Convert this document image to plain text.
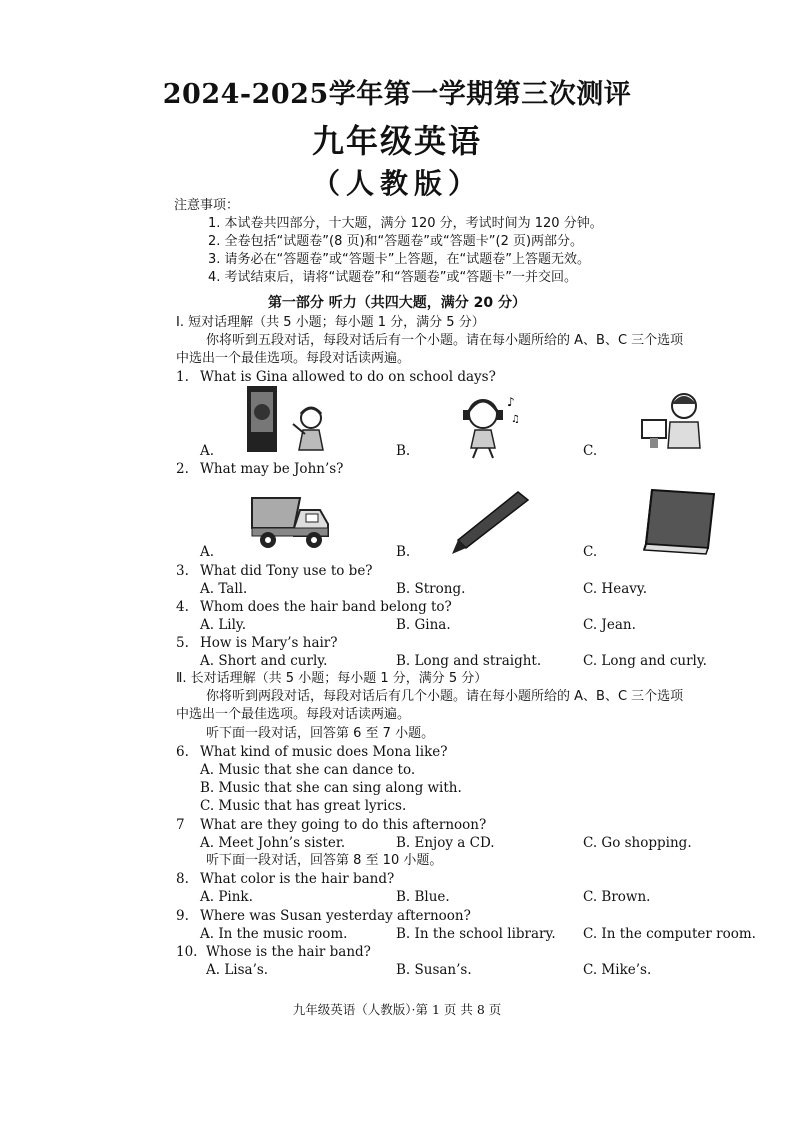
2024-2025学年第一学期第三次测评
九年级英语
（人教版）
注意事项：
1. 本试卷共四部分，十大题，满分 120 分，考试时间为 120 分钟。
2. 全卷包括“试题卷”(8 页)和“答题卷”或“答题卡”(2 页)两部分。
3. 请务必在“答题卷”或“答题卡”上答题，在“试题卷”上答题无效。
4. 考试结束后，请将“试题卷”和“答题卷”或“答题卡”一并交回。
第一部分 听力（共四大题，满分 20 分）
Ⅰ. 短对话理解（共 5 小题；每小题 1 分，满分 5 分）
你将听到五段对话，每段对话后有一个小题。请在每小题所给的 A、B、C 三个选项
中选出一个最佳选项。每段对话读两遍。
1. What is Gina allowed to do on school days?
♪
♫
A.	B.	C.
2. What may be John’s?
A.	B.	C.
3. What did Tony use to be?
A. Tall.	B. Strong.	C. Heavy.
4. Whom does the hair band belong to?
A. Lily.	B. Gina.	C. Jean.
5. How is Mary’s hair?
A. Short and curly.	B. Long and straight.	C. Long and curly.
Ⅱ. 长对话理解（共 5 小题；每小题 1 分，满分 5 分）
你将听到两段对话，每段对话后有几个小题。请在每小题所给的 A、B、C 三个选项
中选出一个最佳选项。每段对话读两遍。
听下面一段对话，回答第 6 至 7 小题。
6. What kind of music does Mona like?
A. Music that she can dance to.
B. Music that she can sing along with.
C. Music that has great lyrics.
7 What are they going to do this afternoon?
A. Meet John’s sister.	B. Enjoy a CD.	C. Go shopping.
听下面一段对话，回答第 8 至 10 小题。
8. What color is the hair band?
A. Pink.	B. Blue.	C. Brown.
9. Where was Susan yesterday afternoon?
A. In the music room.	B. In the school library. C. In the computer room.
10. Whose is the hair band?
A. Lisa’s.	B. Susan’s.	C. Mike’s.
九年级英语（人教版）·第 1 页 共 8 页
